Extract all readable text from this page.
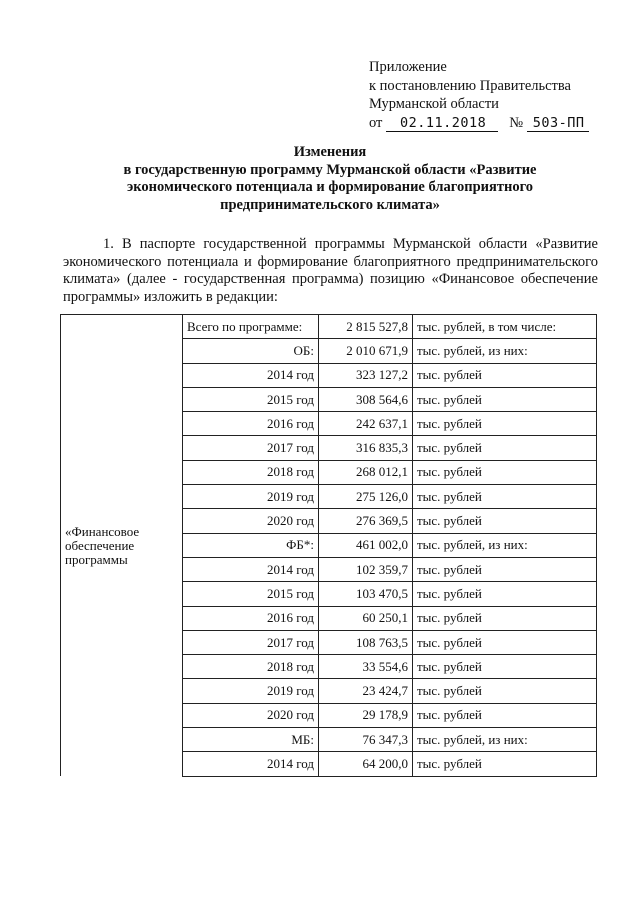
Приложение
к постановлению Правительства
Мурманской области
от 02.11.2018 № 503-ПП
Изменения
в государственную программу Мурманской области «Развитие
экономического потенциала и формирование благоприятного
предпринимательского климата»
1. В паспорте государственной программы Мурманской области «Развитие экономического потенциала и формирование благоприятного предпринимательского климата» (далее - государственная программа) позицию «Финансовое обеспечение программы» изложить в редакции:
«Финансовое обеспечение программы	Всего по программе:	2 815 527,8	тыс. рублей, в том числе:
	ОБ:	2 010 671,9	тыс. рублей, из них:
	2014 год	323 127,2	тыс. рублей
	2015 год	308 564,6	тыс. рублей
	2016 год	242 637,1	тыс. рублей
	2017 год	316 835,3	тыс. рублей
	2018 год	268 012,1	тыс. рублей
	2019 год	275 126,0	тыс. рублей
	2020 год	276 369,5	тыс. рублей
	ФБ*:	461 002,0	тыс. рублей, из них:
	2014 год	102 359,7	тыс. рублей
	2015 год	103 470,5	тыс. рублей
	2016 год	60 250,1	тыс. рублей
	2017 год	108 763,5	тыс. рублей
	2018 год	33 554,6	тыс. рублей
	2019 год	23 424,7	тыс. рублей
	2020 год	29 178,9	тыс. рублей
	МБ:	76 347,3	тыс. рублей, из них:
	2014 год	64 200,0	тыс. рублей
